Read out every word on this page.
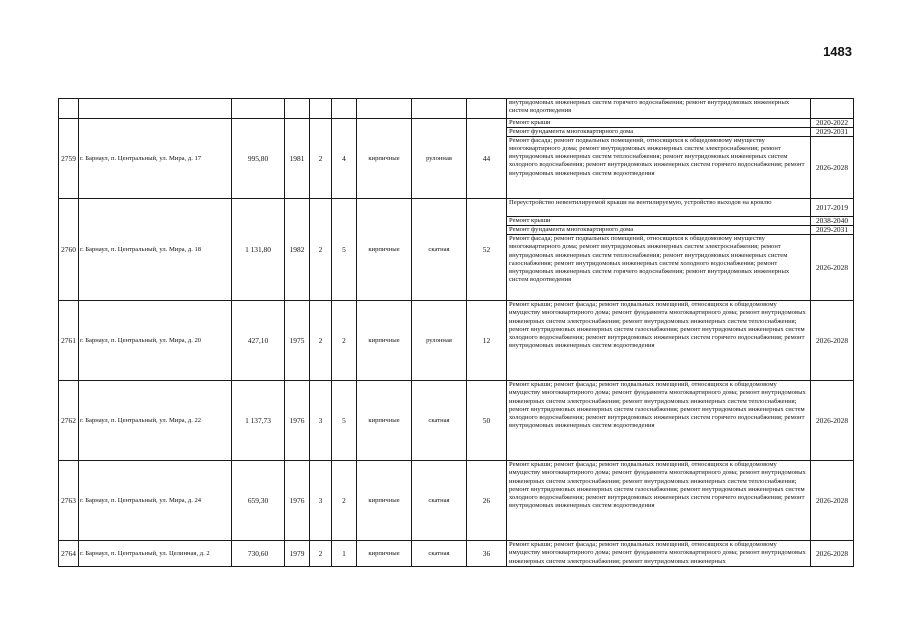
1483
									внутридомовых инженерных систем горячего водоснабжения; ремонт внутридомовых инженерных систем водоотведения	
2759	г. Барнаул, п. Центральный, ул. Мира, д. 17	995,80	1981	2	4	кирпичные	рулонная	44	Ремонт крыши	2020-2022
									Ремонт фундамента многоквартирного дома	2029-2031
									Ремонт фасада; ремонт подвальных помещений, относящихся к общедомовому имуществу многоквартирного дома; ремонт внутридомовых инженерных систем электроснабжения; ремонт внутридомовых инженерных систем теплоснабжения; ремонт внутридомовых инженерных систем холодного водоснабжения; ремонт внутридомовых инженерных систем горячего водоснабжения; ремонт внутридомовых инженерных систем водоотведения	2026-2028
2760	г. Барнаул, п. Центральный, ул. Мира, д. 18	1 131,80	1982	2	5	кирпичные	скатная	52	Переустройство невентилируемой крыши на вентилируемую, устройство выходов на кровлю	2017-2019
									Ремонт крыши	2038-2040
									Ремонт фундамента многоквартирного дома	2029-2031
									Ремонт фасада; ремонт подвальных помещений, относящихся к общедомовому имуществу многоквартирного дома; ремонт внутридомовых инженерных систем электроснабжения; ремонт внутридомовых инженерных систем теплоснабжения; ремонт внутридомовых инженерных систем газоснабжения; ремонт внутридомовых инженерных систем холодного водоснабжения; ремонт внутридомовых инженерных систем горячего водоснабжения; ремонт внутридомовых инженерных систем водоотведения	2026-2028
2761	г. Барнаул, п. Центральный, ул. Мира, д. 20	427,10	1975	2	2	кирпичные	рулонная	12	Ремонт крыши; ремонт фасада; ремонт подвальных помещений, относящихся к общедомовому имуществу многоквартирного дома; ремонт фундамента многоквартирного дома; ремонт внутридомовых инженерных систем электроснабжения; ремонт внутридомовых инженерных систем теплоснабжения; ремонт внутридомовых инженерных систем газоснабжения; ремонт внутридомовых инженерных систем холодного водоснабжения; ремонт внутридомовых инженерных систем горячего водоснабжения; ремонт внутридомовых инженерных систем водоотведения	2026-2028
2762	г. Барнаул, п. Центральный, ул. Мира, д. 22	1 137,73	1976	3	5	кирпичные	скатная	50	Ремонт крыши; ремонт фасада; ремонт подвальных помещений, относящихся к общедомовому имуществу многоквартирного дома; ремонт фундамента многоквартирного дома; ремонт внутридомовых инженерных систем электроснабжения; ремонт внутридомовых инженерных систем теплоснабжения; ремонт внутридомовых инженерных систем газоснабжения; ремонт внутридомовых инженерных систем холодного водоснабжения; ремонт внутридомовых инженерных систем горячего водоснабжения; ремонт внутридомовых инженерных систем водоотведения	2026-2028
2763	г. Барнаул, п. Центральный, ул. Мира, д. 24	659,30	1976	3	2	кирпичные	скатная	26	Ремонт крыши; ремонт фасада; ремонт подвальных помещений, относящихся к общедомовому имуществу многоквартирного дома; ремонт фундамента многоквартирного дома; ремонт внутридомовых инженерных систем электроснабжения; ремонт внутридомовых инженерных систем теплоснабжения; ремонт внутридомовых инженерных систем газоснабжения; ремонт внутридомовых инженерных систем холодного водоснабжения; ремонт внутридомовых инженерных систем горячего водоснабжения; ремонт внутридомовых инженерных систем водоотведения	2026-2028
2764	г. Барнаул, п. Центральный, ул. Целинная, д. 2	730,60	1979	2	1	кирпичные	скатная	36	Ремонт крыши; ремонт фасада; ремонт подвальных помещений, относящихся к общедомовому имуществу многоквартирного дома; ремонт фундамента многоквартирного дома; ремонт внутридомовых инженерных систем электроснабжения; ремонт внутридомовых инженерных	2026-2028
